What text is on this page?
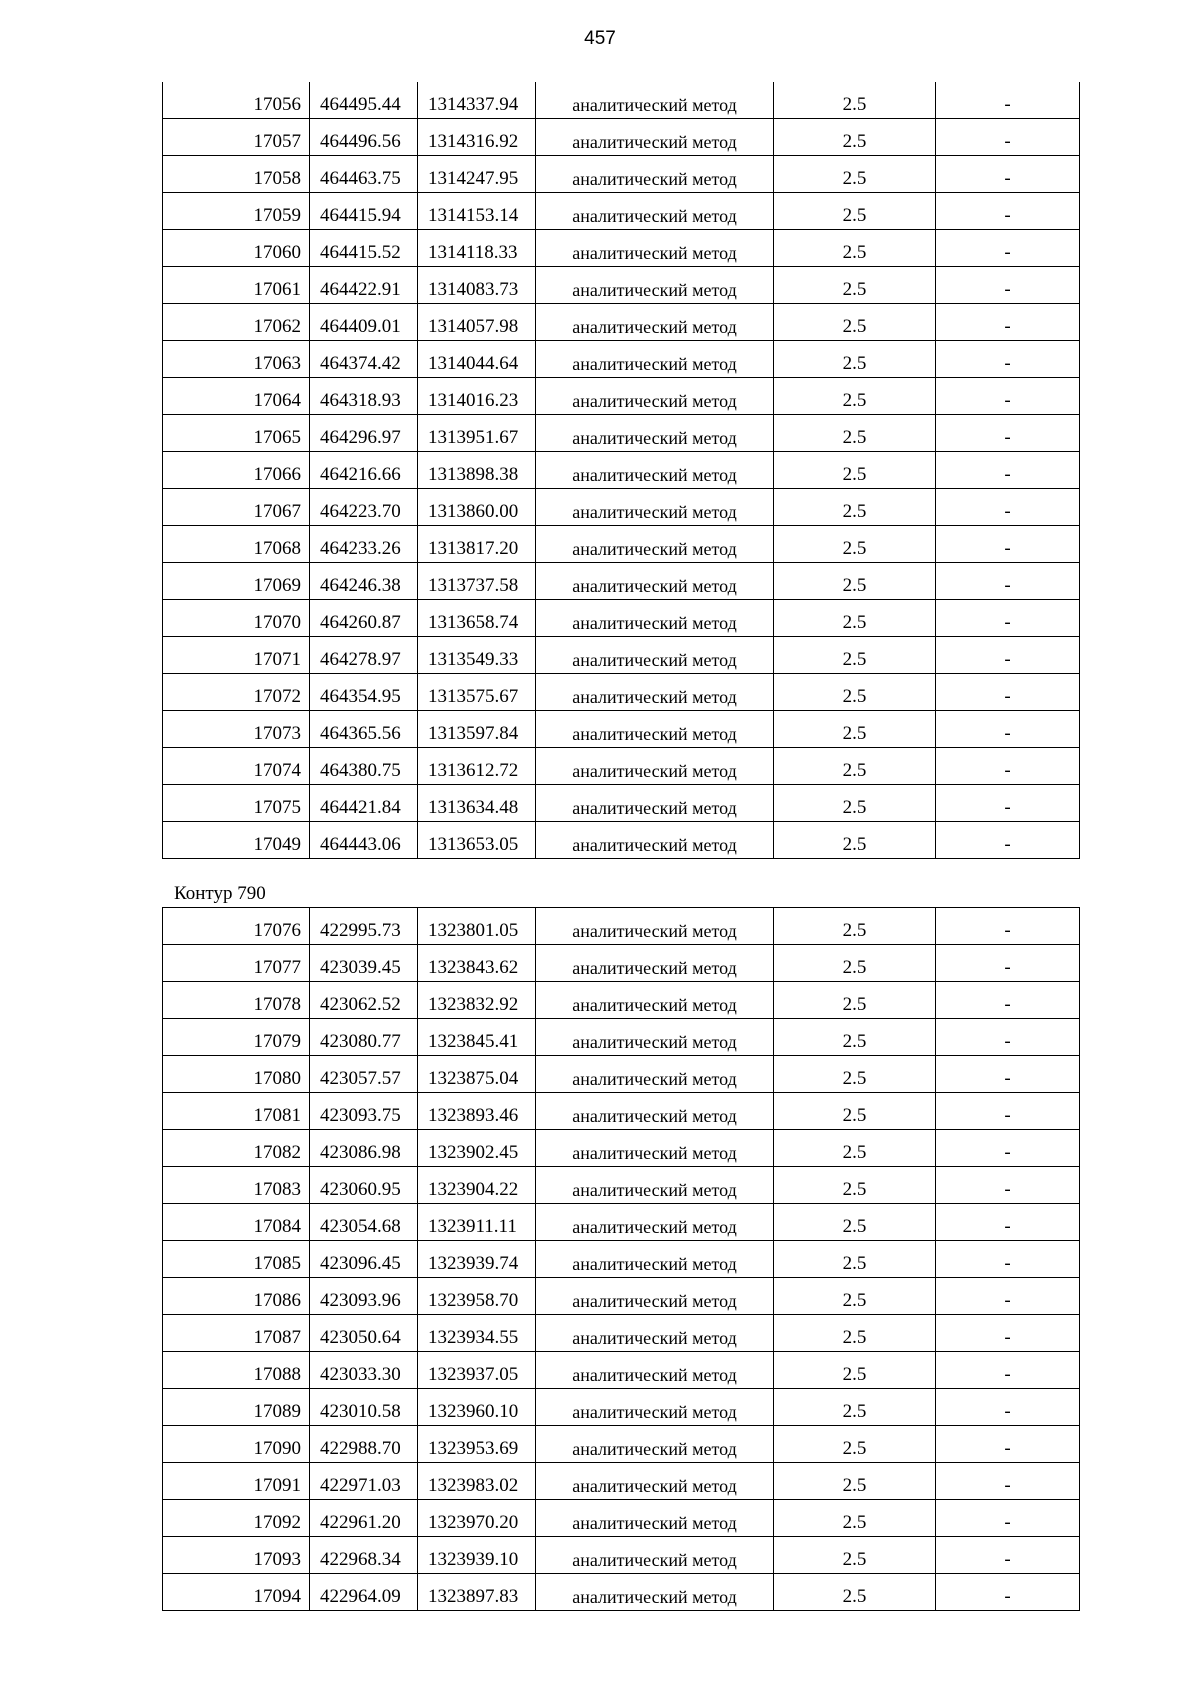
457
17056	464495.44	1314337.94	аналитический метод	2.5	-
17057	464496.56	1314316.92	аналитический метод	2.5	-
17058	464463.75	1314247.95	аналитический метод	2.5	-
17059	464415.94	1314153.14	аналитический метод	2.5	-
17060	464415.52	1314118.33	аналитический метод	2.5	-
17061	464422.91	1314083.73	аналитический метод	2.5	-
17062	464409.01	1314057.98	аналитический метод	2.5	-
17063	464374.42	1314044.64	аналитический метод	2.5	-
17064	464318.93	1314016.23	аналитический метод	2.5	-
17065	464296.97	1313951.67	аналитический метод	2.5	-
17066	464216.66	1313898.38	аналитический метод	2.5	-
17067	464223.70	1313860.00	аналитический метод	2.5	-
17068	464233.26	1313817.20	аналитический метод	2.5	-
17069	464246.38	1313737.58	аналитический метод	2.5	-
17070	464260.87	1313658.74	аналитический метод	2.5	-
17071	464278.97	1313549.33	аналитический метод	2.5	-
17072	464354.95	1313575.67	аналитический метод	2.5	-
17073	464365.56	1313597.84	аналитический метод	2.5	-
17074	464380.75	1313612.72	аналитический метод	2.5	-
17075	464421.84	1313634.48	аналитический метод	2.5	-
17049	464443.06	1313653.05	аналитический метод	2.5	-
Контур 790
17076	422995.73	1323801.05	аналитический метод	2.5	-
17077	423039.45	1323843.62	аналитический метод	2.5	-
17078	423062.52	1323832.92	аналитический метод	2.5	-
17079	423080.77	1323845.41	аналитический метод	2.5	-
17080	423057.57	1323875.04	аналитический метод	2.5	-
17081	423093.75	1323893.46	аналитический метод	2.5	-
17082	423086.98	1323902.45	аналитический метод	2.5	-
17083	423060.95	1323904.22	аналитический метод	2.5	-
17084	423054.68	1323911.11	аналитический метод	2.5	-
17085	423096.45	1323939.74	аналитический метод	2.5	-
17086	423093.96	1323958.70	аналитический метод	2.5	-
17087	423050.64	1323934.55	аналитический метод	2.5	-
17088	423033.30	1323937.05	аналитический метод	2.5	-
17089	423010.58	1323960.10	аналитический метод	2.5	-
17090	422988.70	1323953.69	аналитический метод	2.5	-
17091	422971.03	1323983.02	аналитический метод	2.5	-
17092	422961.20	1323970.20	аналитический метод	2.5	-
17093	422968.34	1323939.10	аналитический метод	2.5	-
17094	422964.09	1323897.83	аналитический метод	2.5	-
